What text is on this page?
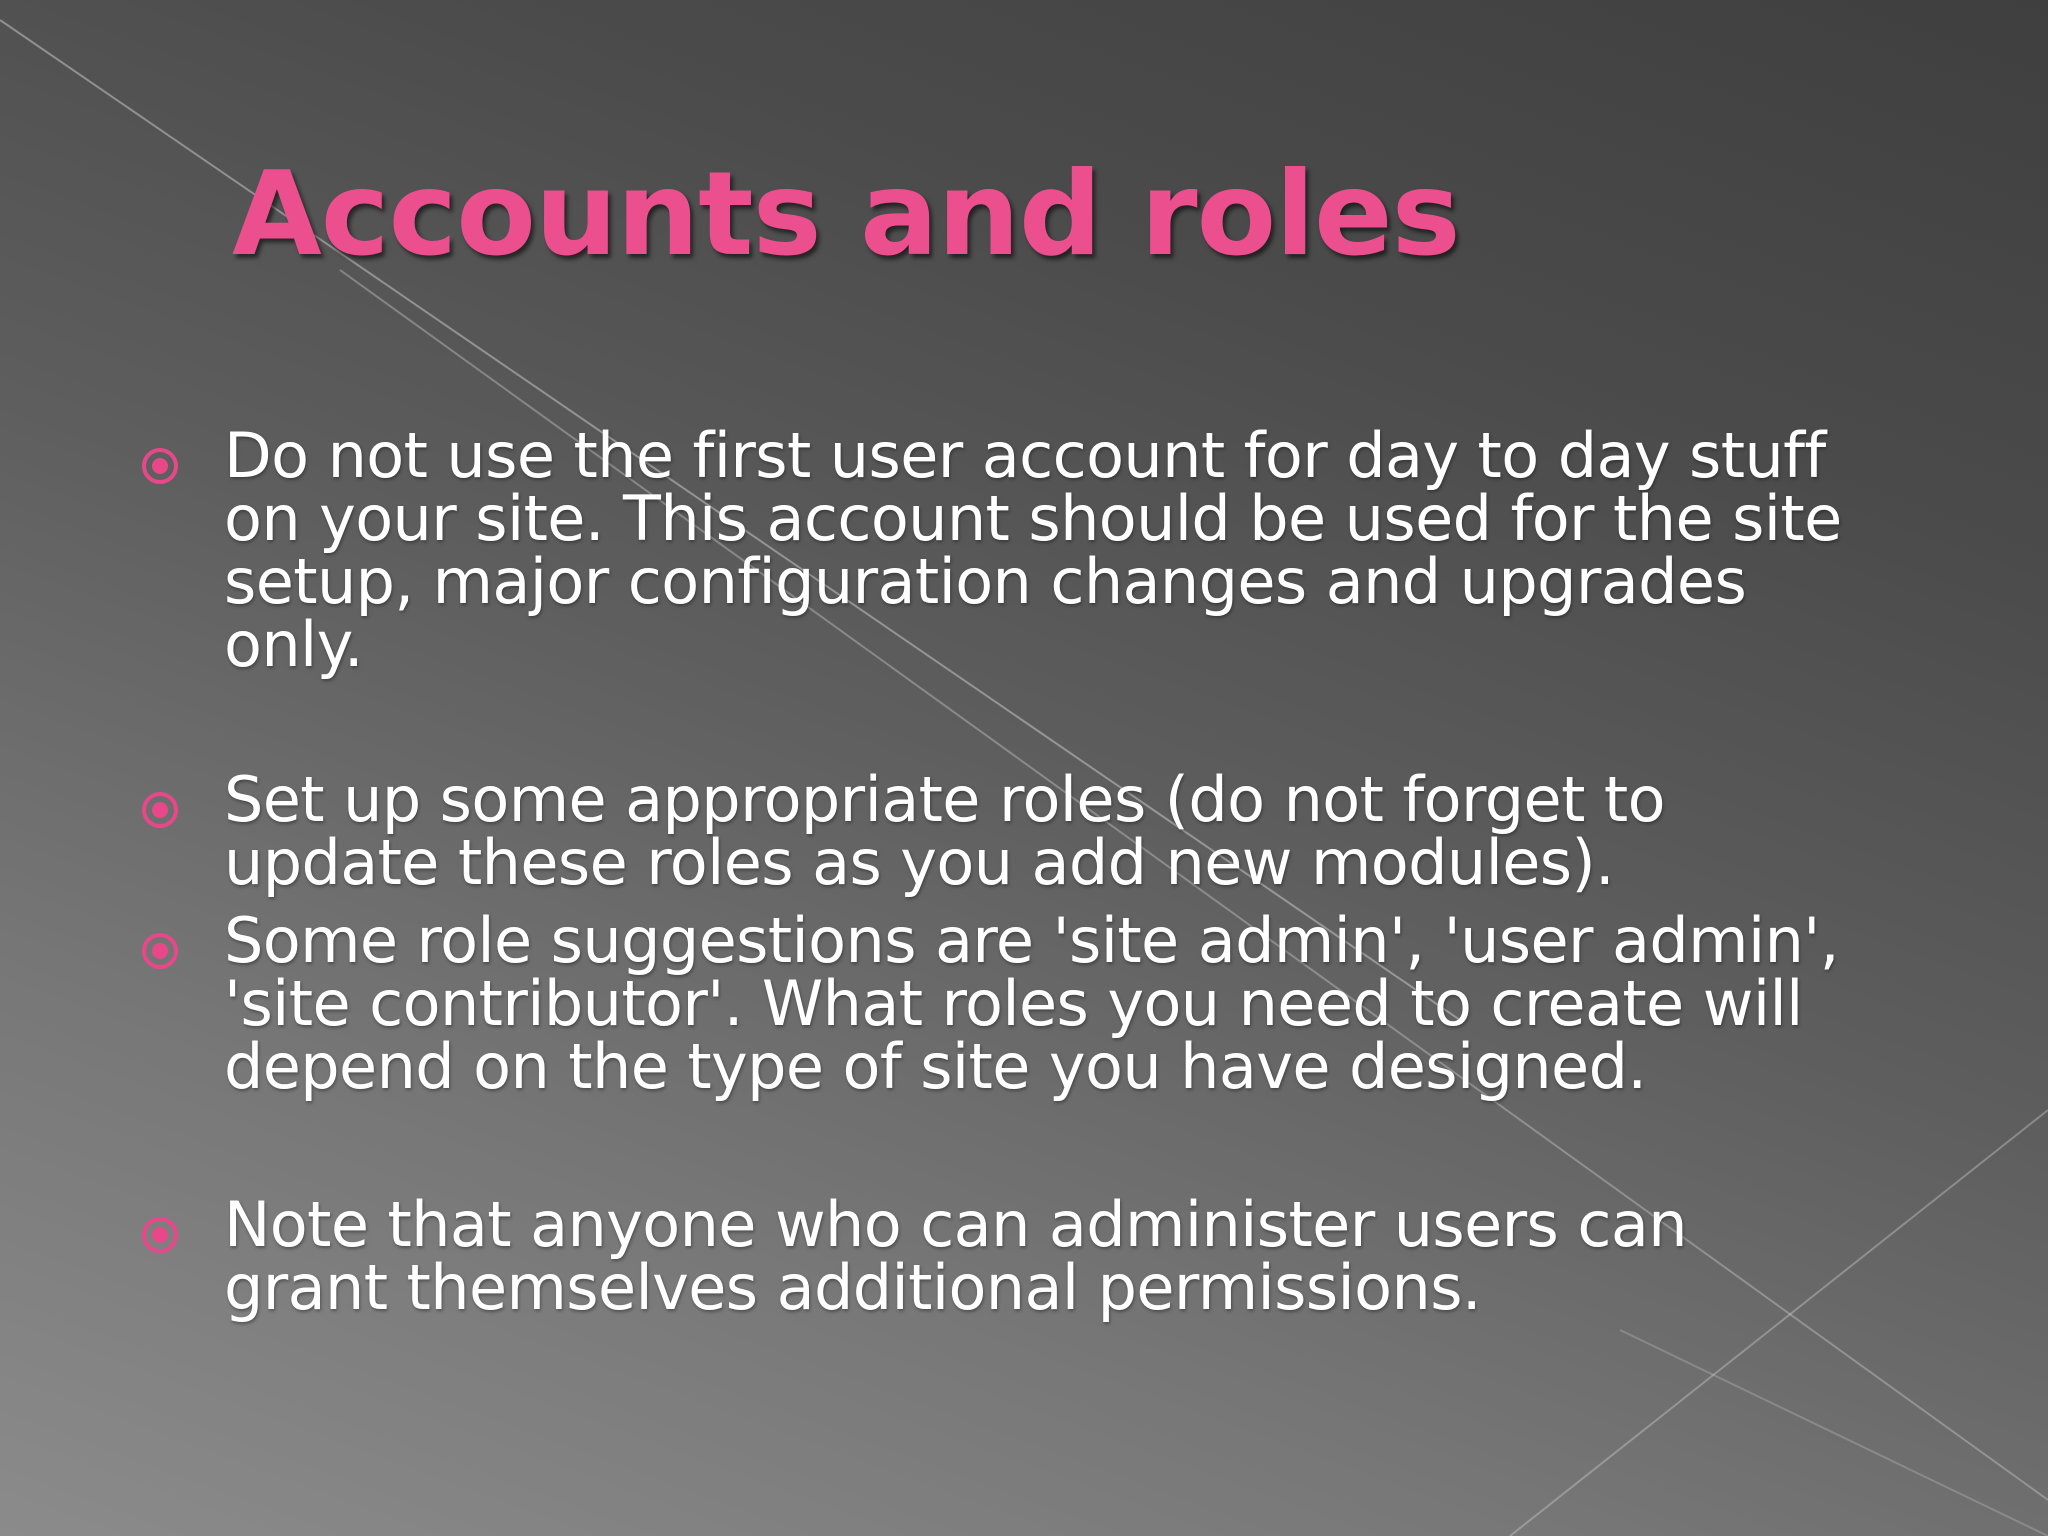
Accounts and roles
Do not use the first user account for day to day stuff
on your site. This account should be used for the site
setup, major configuration changes and upgrades
only.
Set up some appropriate roles (do not forget to
update these roles as you add new modules).
Some role suggestions are 'site admin', 'user admin',
'site contributor'. What roles you need to create will
depend on the type of site you have designed.
Note that anyone who can administer users can
grant themselves additional permissions.
